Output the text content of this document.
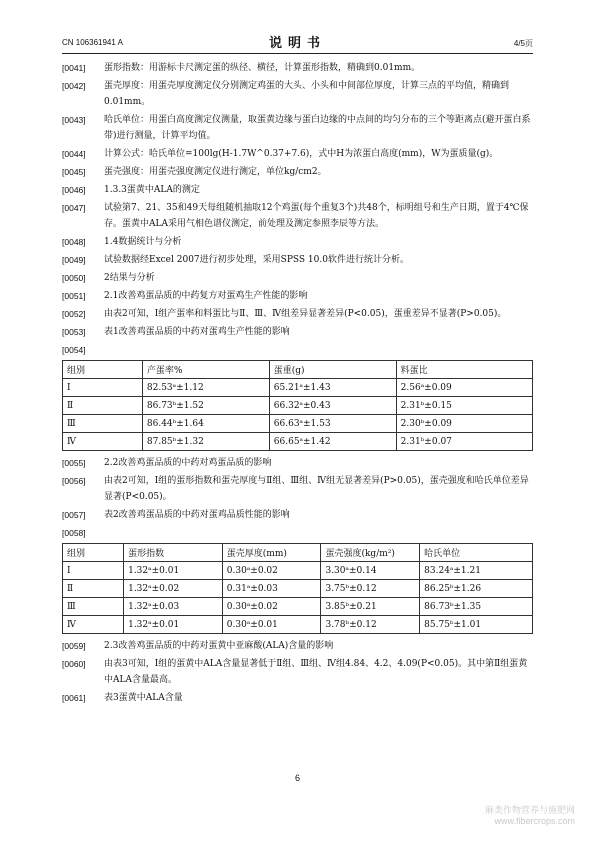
CN 106361941 A	说明书	4/5页
[0041]	蛋形指数：用游标卡尺测定蛋的纵径、横径，计算蛋形指数，精确到0.01mm。
[0042]	蛋壳厚度：用蛋壳厚度测定仪分别测定鸡蛋的大头、小头和中间部位厚度，计算三点的平均值，精确到0.01mm。
[0043]	哈氏单位：用蛋白高度测定仪测量，取蛋黄边缘与蛋白边缘的中点间的均匀分布的三个等距离点(避开蛋白系带)进行测量，计算平均值。
[0044]	计算公式：哈氏单位=100lg(H-1.7W^0.37+7.6)，式中H为浓蛋白高度(mm)，W为蛋质量(g)。
[0045]	蛋壳强度：用蛋壳强度测定仪进行测定，单位kg/cm2。
[0046]	1.3.3蛋黄中ALA的测定
[0047]	试验第7、21、35和49天每组随机抽取12个鸡蛋(每个重复3个)共48个，标明组号和生产日期，置于4℃保存。蛋黄中ALA采用气相色谱仪测定，前处理及测定参照李辰等方法。
[0048]	1.4数据统计与分析
[0049]	试验数据经Excel 2007进行初步处理，采用SPSS 10.0软件进行统计分析。
[0050]	2结果与分析
[0051]	2.1改善鸡蛋品质的中药复方对蛋鸡生产性能的影响
[0052]	由表2可知，I组产蛋率和料蛋比与Ⅱ、Ⅲ、Ⅳ组差异显著差异(P<0.05)，蛋重差异不显著(P>0.05)。
[0053]	表1改善鸡蛋品质的中药对蛋鸡生产性能的影响
[0054]
组别	产蛋率%	蛋重(g)	料蛋比
I	82.53ᵃ±1.12	65.21ᵃ±1.43	2.56ᵃ±0.09
Ⅱ	86.73ᵇ±1.52	66.32ᵃ±0.43	2.31ᵇ±0.15
Ⅲ	86.44ᵇ±1.64	66.63ᵃ±1.53	2.30ᵇ±0.09
Ⅳ	87.85ᵇ±1.32	66.65ᵃ±1.42	2.31ᵇ±0.07
[0055]	2.2改善鸡蛋品质的中药对鸡蛋品质的影响
[0056]	由表2可知，I组的蛋形指数和蛋壳厚度与Ⅱ组、Ⅲ组、Ⅳ组无显著差异(P>0.05)，蛋壳强度和哈氏单位差异显著(P<0.05)。
[0057]	表2改善鸡蛋品质的中药对蛋鸡品质性能的影响
[0058]
组别	蛋形指数	蛋壳厚度(mm)	蛋壳强度(kg/m²)	哈氏单位
I	1.32ᵃ±0.01	0.30ᵃ±0.02	3.30ᵃ±0.14	83.24ᵃ±1.21
Ⅱ	1.32ᵃ±0.02	0.31ᵃ±0.03	3.75ᵇ±0.12	86.25ᵇ±1.26
Ⅲ	1.32ᵃ±0.03	0.30ᵃ±0.02	3.85ᵇ±0.21	86.73ᵇ±1.35
Ⅳ	1.32ᵃ±0.01	0.30ᵃ±0.01	3.78ᵇ±0.12	85.75ᵇ±1.01
[0059]	2.3改善鸡蛋品质的中药对蛋黄中亚麻酸(ALA)含量的影响
[0060]	由表3可知，I组的蛋黄中ALA含量显著低于Ⅱ组、Ⅲ组、Ⅳ组4.84、4.2、4.09(P<0.05)。其中第Ⅱ组蛋黄中ALA含量最高。
[0061]	表3蛋黄中ALA含量
6
麻类作物营养与施肥网
www.fibercrops.com
